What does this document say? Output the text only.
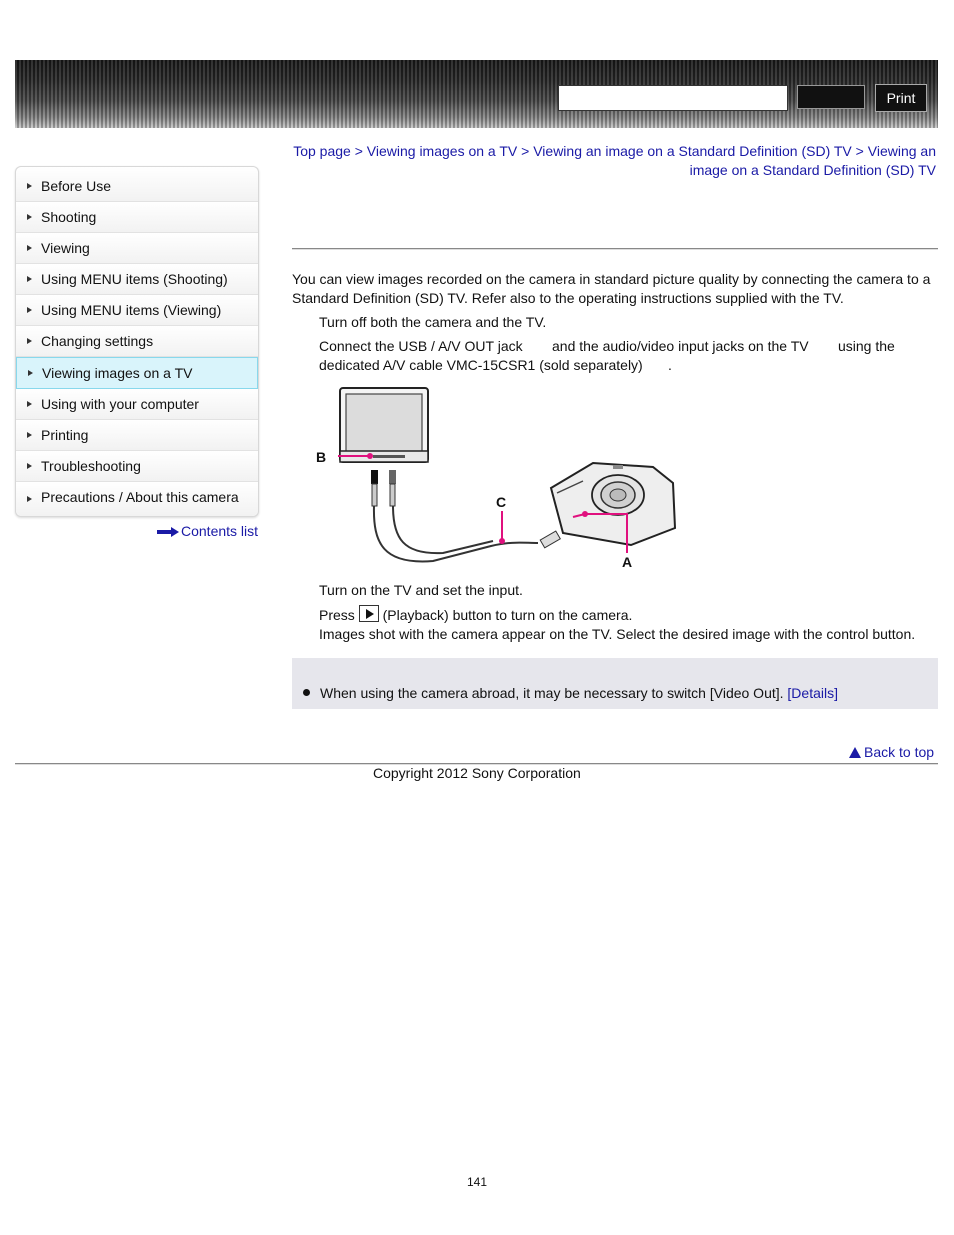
Print
Before Use
Shooting
Viewing
Using MENU items (Shooting)
Using MENU items (Viewing)
Changing settings
Viewing images on a TV
Using with your computer
Printing
Troubleshooting
Precautions / About this camera
Contents list
Top page > Viewing images on a TV > Viewing an image on a Standard Definition (SD) TV > Viewing an image on a Standard Definition (SD) TV
You can view images recorded on the camera in standard picture quality by connecting the camera to a Standard Definition (SD) TV. Refer also to the operating instructions supplied with the TV.
Turn off both the camera and the TV.
Connect the USB / A/V OUT jack and the audio/video input jacks on the TV using the
dedicated A/V cable VMC-15CSR1 (sold separately) .
B
C
A
Turn on the TV and set the input.
Press (Playback) button to turn on the camera.
Images shot with the camera appear on the TV. Select the desired image with the control button.
When using the camera abroad, it may be necessary to switch [Video Out]. [Details]
Back to top
Copyright 2012 Sony Corporation
141
